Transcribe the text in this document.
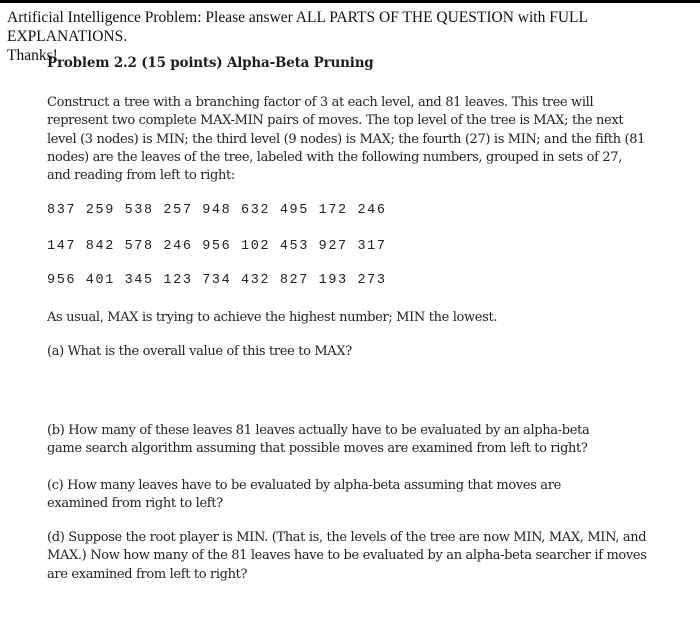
Artificial Intelligence Problem: Please answer ALL PARTS OF THE QUESTION with FULL EXPLANATIONS.
Thanks!
Problem 2.2 (15 points) Alpha-Beta Pruning
Construct a tree with a branching factor of 3 at each level, and 81 leaves. This tree will represent two complete MAX-MIN pairs of moves. The top level of the tree is MAX; the next level (3 nodes) is MIN; the third level (9 nodes) is MAX; the fourth (27) is MIN; and the fifth (81 nodes) are the leaves of the tree, labeled with the following numbers, grouped in sets of 27, and reading from left to right:
837 259 538 257 948 632 495 172 246
147 842 578 246 956 102 453 927 317
956 401 345 123 734 432 827 193 273
As usual, MAX is trying to achieve the highest number; MIN the lowest.
(a) What is the overall value of this tree to MAX?
(b) How many of these leaves 81 leaves actually have to be evaluated by an alpha-beta game search algorithm assuming that possible moves are examined from left to right?
(c) How many leaves have to be evaluated by alpha-beta assuming that moves are examined from right to left?
(d) Suppose the root player is MIN. (That is, the levels of the tree are now MIN, MAX, MIN, and MAX.) Now how many of the 81 leaves have to be evaluated by an alpha-beta searcher if moves are examined from left to right?
